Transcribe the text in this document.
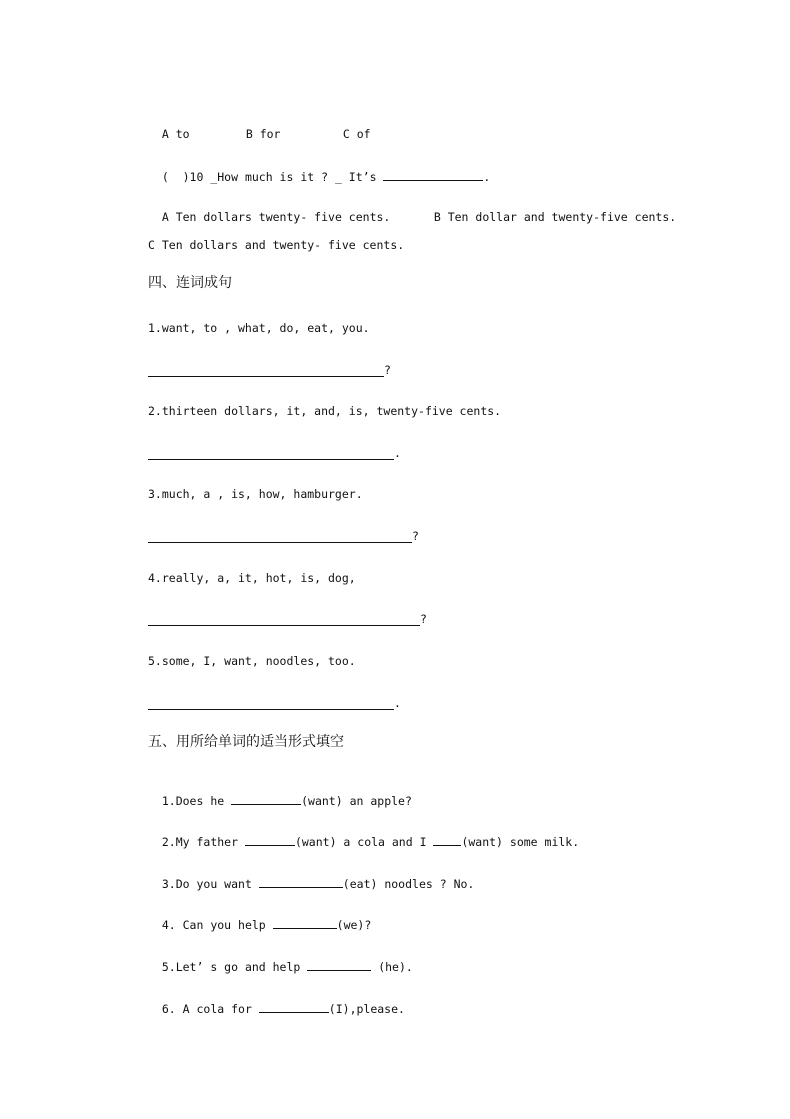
A to	B for	C of

(  )10 _How much is it ? _ It’s	.

A Ten dollars twenty- five cents.	B Ten dollar and twenty-five cents.

C Ten dollars and twenty- five cents.
四、连词成句
1.want, to , what, do, eat, you.
?
2.thirteen dollars, it, and, is, twenty-five cents.
.
3.much, a , is, how, hamburger.
?
4.really, a, it, hot, is, dog,
?
5.some, I, want, noodles, too.
.
五、用所给单词的适当形式填空

1.Does he	(want) an apple?

2.My father	(want) a cola and I (want) some milk.

3.Do you want	(eat) noodles ? No.

4. Can you help	(we)?

5.Let’ s go and help	(he).

6. A cola for	(I),please.
